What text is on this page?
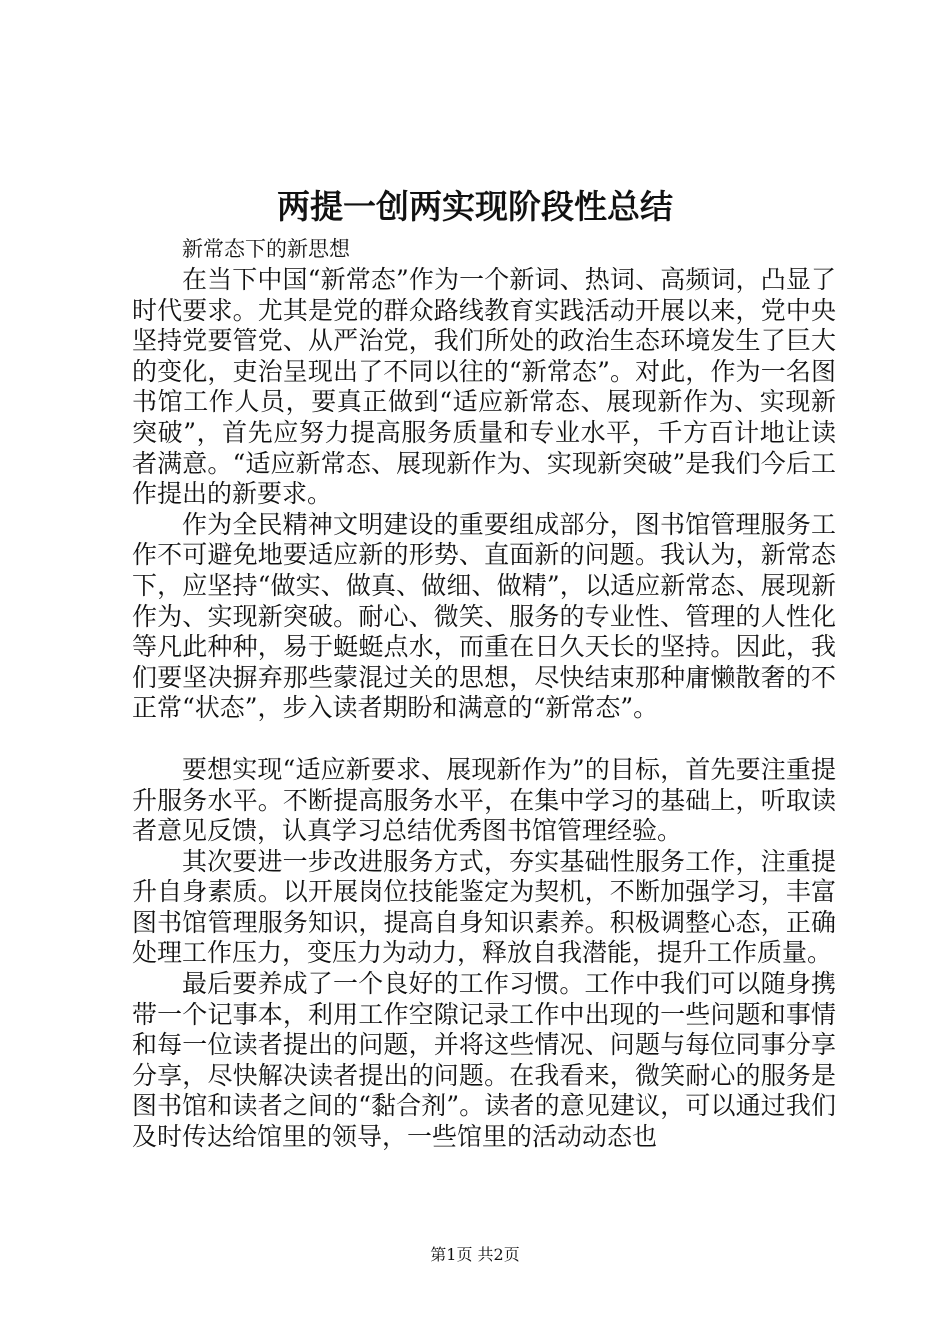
两提一创两实现阶段性总结

新常态下的新思想

在当下中国“新常态”作为一个新词、热词、高频词，凸显了时代要求。尤其是党的群众路线教育实践活动开展以来，党中央坚持党要管党、从严治党，我们所处的政治生态环境发生了巨大的变化，吏治呈现出了不同以往的“新常态”。对此，作为一名图书馆工作人员，要真正做到“适应新常态、展现新作为、实现新突破”，首先应努力提高服务质量和专业水平，千方百计地让读者满意。“适应新常态、展现新作为、实现新突破”是我们今后工作提出的新要求。

作为全民精神文明建设的重要组成部分，图书馆管理服务工作不可避免地要适应新的形势、直面新的问题。我认为，新常态下，应坚持“做实、做真、做细、做精”，以适应新常态、展现新作为、实现新突破。耐心、微笑、服务的专业性、管理的人性化等凡此种种，易于蜓蜓点水，而重在日久天长的坚持。因此，我们要坚决摒弃那些蒙混过关的思想，尽快结束那种庸懒散奢的不正常“状态”，步入读者期盼和满意的“新常态”。

要想实现“适应新要求、展现新作为”的目标，首先要注重提升服务水平。不断提高服务水平，在集中学习的基础上，听取读者意见反馈，认真学习总结优秀图书馆管理经验。

其次要进一步改进服务方式，夯实基础性服务工作，注重提升自身素质。以开展岗位技能鉴定为契机，不断加强学习，丰富图书馆管理服务知识，提高自身知识素养。积极调整心态，正确处理工作压力，变压力为动力，释放自我潜能，提升工作质量。

最后要养成了一个良好的工作习惯。工作中我们可以随身携带一个记事本，利用工作空隙记录工作中出现的一些问题和事情和每一位读者提出的问题，并将这些情况、问题与每位同事分享分享，尽快解决读者提出的问题。在我看来，微笑耐心的服务是图书馆和读者之间的“黏合剂”。读者的意见建议，可以通过我们及时传达给馆里的领导，一些馆里的活动动态也

第1页 共2页
